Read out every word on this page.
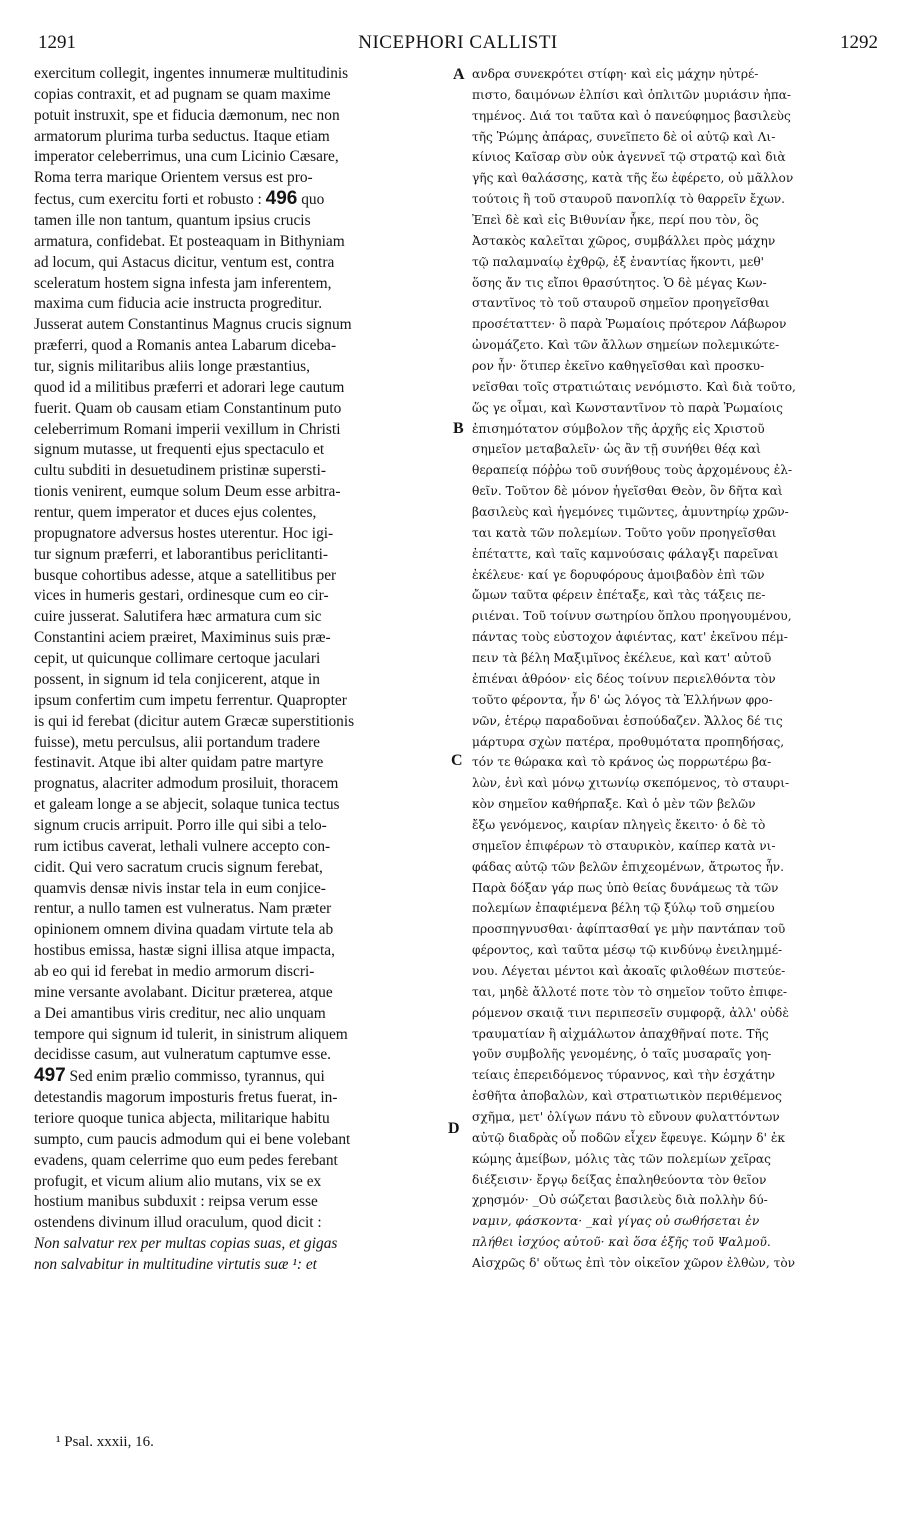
1291	NICEPHORI CALLISTI	1292
exercitum collegit, ingentes innumeræ multitudinis
copias contraxit, et ad pugnam se quam maxime
potuit instruxit, spe et fiducia dæmonum, nec non
armatorum plurima turba seductus. Itaque etiam
imperator celeberrimus, una cum Licinio Cæsare,
Roma terra marique Orientem versus est pro-
fectus, cum exercitu forti et robusto : 496 quo
tamen ille non tantum, quantum ipsius crucis
armatura, confidebat. Et posteaquam in Bithyniam
ad locum, qui Astacus dicitur, ventum est, contra
sceleratum hostem signa infesta jam inferentem,
maxima cum fiducia acie instructa progreditur.
Jusserat autem Constantinus Magnus crucis signum
præferri, quod a Romanis antea Labarum diceba-
tur, signis militaribus aliis longe præstantius,
quod id a militibus præferri et adorari lege cautum
fuerit. Quam ob causam etiam Constantinum puto
celeberrimum Romani imperii vexillum in Christi
signum mutasse, ut frequenti ejus spectaculo et
cultu subditi in desuetudinem pristinæ supersti-
tionis venirent, eumque solum Deum esse arbitra-
rentur, quem imperator et duces ejus colentes,
propugnatore adversus hostes uterentur. Hoc igi-
tur signum præferri, et laborantibus periclitanti-
busque cohortibus adesse, atque a satellitibus per
vices in humeris gestari, ordinesque cum eo cir-
cuire jusserat. Salutifera hæc armatura cum sic
Constantini aciem præiret, Maximinus suis præ-
cepit, ut quicunque collimare certoque jaculari
possent, in signum id tela conjicerent, atque in
ipsum confertim cum impetu ferrentur. Quapropter
is qui id ferebat (dicitur autem Græcæ superstitionis
fuisse), metu perculsus, alii portandum tradere
festinavit. Atque ibi alter quidam patre martyre
prognatus, alacriter admodum prosiluit, thoracem
et galeam longe a se abjecit, solaque tunica tectus
signum crucis arripuit. Porro ille qui sibi a telo-
rum ictibus caverat, lethali vulnere accepto con-
cidit. Qui vero sacratum crucis signum ferebat,
quamvis densæ nivis instar tela in eum conjice-
rentur, a nullo tamen est vulneratus. Nam præter
opinionem omnem divina quadam virtute tela ab
hostibus emissa, hastæ signi illisa atque impacta,
ab eo qui id ferebat in medio armorum discri-
mine versante avolabant. Dicitur præterea, atque
a Dei amantibus viris creditur, nec alio unquam
tempore qui signum id tulerit, in sinistrum aliquem
decidisse casum, aut vulneratum captumve esse.
497 Sed enim prælio commisso, tyrannus, qui
detestandis magorum imposturis fretus fuerat, in-
teriore quoque tunica abjecta, militarique habitu
sumpto, cum paucis admodum qui ei bene volebant
evadens, quam celerrime quo eum pedes ferebant
profugit, et vicum alium alio mutans, vix se ex
hostium manibus subduxit : reipsa verum esse
ostendens divinum illud oraculum, quod dicit :
Non salvatur rex per multas copias suas, et gigas
non salvabitur in multitudine virtutis suæ ¹: et
ανδρα συνεκρότει στίφη· καὶ εἰς μάχην ηὐτρέ-
πιστο, δαιμόνων ἐλπίσι καὶ ὁπλιτῶν μυριάσιν ἠπα-
τημένος. Διά τοι ταῦτα καὶ ὁ πανεύφημος βασιλεὺς
τῆς Ῥώμης ἀπάρας, συνεῖπετο δὲ οἱ αὐτῷ καὶ Λι-
κίνιος Καῖσαρ σὺν οὐκ ἀγεννεῖ τῷ στρατῷ καὶ διὰ
γῆς καὶ θαλάσσης, κατὰ τῆς ἕω ἐφέρετο, οὐ μᾶλλον
τούτοις ἢ τοῦ σταυροῦ πανοπλίᾳ τὸ θαρρεῖν ἔχων.
Ἐπεὶ δὲ καὶ εἰς Βιθυνίαν ἧκε, περί που τὸν, ὃς
Ἀστακὸς καλεῖται χῶρος, συμβάλλει πρὸς μάχην
τῷ παλαμναίῳ ἐχθρῷ, ἐξ ἐναντίας ἥκοντι, μεθ'
ὅσης ἄν τις εἴποι θρασύτητος. Ὁ δὲ μέγας Κων-
σταντῖνος τὸ τοῦ σταυροῦ σημεῖον προηγεῖσθαι
προσέταττεν· ὃ παρὰ Ῥωμαίοις πρότερον Λάβωρον
ὠνομάζετο. Καὶ τῶν ἄλλων σημείων πολεμικώτε-
ρον ἦν· ὅτιπερ ἐκεῖνο καθηγεῖσθαι καὶ προσκυ-
νεῖσθαι τοῖς στρατιώταις νενόμιστο. Καὶ διὰ τοῦτο,
ὥς γε οἶμαι, καὶ Κωνσταντῖνον τὸ παρὰ Ῥωμαίοις
ἐπισημότατον σύμβολον τῆς ἀρχῆς εἰς Χριστοῦ
σημεῖον μεταβαλεῖν· ὡς ἂν τῇ συνήθει θέᾳ καὶ
θεραπείᾳ πόῤῥω τοῦ συνήθους τοὺς ἀρχομένους ἐλ-
θεῖν. Τοῦτον δὲ μόνον ἡγεῖσθαι Θεὸν, ὃν δῆτα καὶ
βασιλεὺς καὶ ἡγεμόνες τιμῶντες, ἀμυντηρίῳ χρῶν-
ται κατὰ τῶν πολεμίων. Τοῦτο γοῦν προηγεῖσθαι
ἐπέταττε, καὶ ταῖς καμνούσαις φάλαγξι παρεῖναι
ἐκέλευε· καί γε δορυφόρους ἀμοιβαδὸν ἐπὶ τῶν
ὤμων ταῦτα φέρειν ἐπέταξε, καὶ τὰς τάξεις πε-
ριιέναι. Τοῦ τοίνυν σωτηρίου ὅπλου προηγουμένου,
πάντας τοὺς εὐστοχον ἀφιέντας, κατ' ἐκεῖνου πέμ-
πειν τὰ βέλη Μαξιμῖνος ἐκέλευε, καὶ κατ' αὐτοῦ
ἐπιέναι ἀθρόον· εἰς δέος τοίνυν περιελθόντα τὸν
τοῦτο φέροντα, ἦν δ' ὡς λόγος τὰ Ἑλλήνων φρο-
νῶν, ἑτέρῳ παραδοῦναι ἐσπούδαζεν. Ἄλλος δέ τις
μάρτυρα σχὼν πατέρα, προθυμότατα προπηδήσας,
τόν τε θώρακα καὶ τὸ κράνος ὡς πορρωτέρω βα-
λὼν, ἑνὶ καὶ μόνῳ χιτωνίῳ σκεπόμενος, τὸ σταυρι-
κὸν σημεῖον καθήρπαξε. Καὶ ὁ μὲν τῶν βελῶν
ἔξω γενόμενος, καιρίαν πληγεὶς ἔκειτο· ὁ δὲ τὸ
σημεῖον ἐπιφέρων τὸ σταυρικὸν, καίπερ κατὰ νι-
φάδας αὐτῷ τῶν βελῶν ἐπιχεομένων, ἄτρωτος ἦν.
Παρὰ δόξαν γάρ πως ὑπὸ θείας δυνάμεως τὰ τῶν
πολεμίων ἐπαφιέμενα βέλη τῷ ξύλῳ τοῦ σημείου
προσπηγνυσθαι· ἀφίπτασθαί γε μὴν παντάπαν τοῦ
φέροντος, καὶ ταῦτα μέσῳ τῷ κινδύνῳ ἐνειλημμέ-
νου. Λέγεται μέντοι καὶ ἀκοαῖς φιλοθέων πιστεύε-
ται, μηδὲ ἄλλοτέ ποτε τὸν τὸ σημεῖον τοῦτο ἐπιφε-
ρόμενον σκαιᾷ τινι περιπεσεῖν συμφορᾷ, ἀλλ' οὐδὲ
τραυματίαν ἢ αἰχμάλωτον ἀπαχθῆναί ποτε. Τῆς
γοῦν συμβολῆς γενομένης, ὁ ταῖς μυσαραῖς γοη-
τείαις ἐπερειδόμενος τύραννος, καὶ τὴν ἐσχάτην
ἐσθῆτα ἀποβαλὼν, καὶ στρατιωτικὸν περιθέμενος
σχῆμα, μετ' ὀλίγων πάνυ τὸ εὔνουν φυλαττόντων
αὐτῷ διαδρὰς οὗ ποδῶν εἶχεν ἔφευγε. Κώμην δ' ἐκ
κώμης ἀμείβων, μόλις τὰς τῶν πολεμίων χεῖρας
διέξεισιν· ἔργῳ δείξας ἐπαληθεύοντα τὸν θεῖον
χρησμόν· _Οὐ σώζεται βασιλεὺς διὰ πολλὴν δύ-
ναμιν, φάσκοντα· _καὶ γίγας οὐ σωθήσεται ἐν
πλήθει ἰσχύος αὐτοῦ· καὶ ὅσα ἑξῆς τοῦ Ψαλμοῦ.
Αἰσχρῶς δ' οὕτως ἐπὶ τὸν οἰκεῖον χῶρον ἐλθὼν, τὸν
A
B
C
D
¹ Psal. xxxii, 16.
